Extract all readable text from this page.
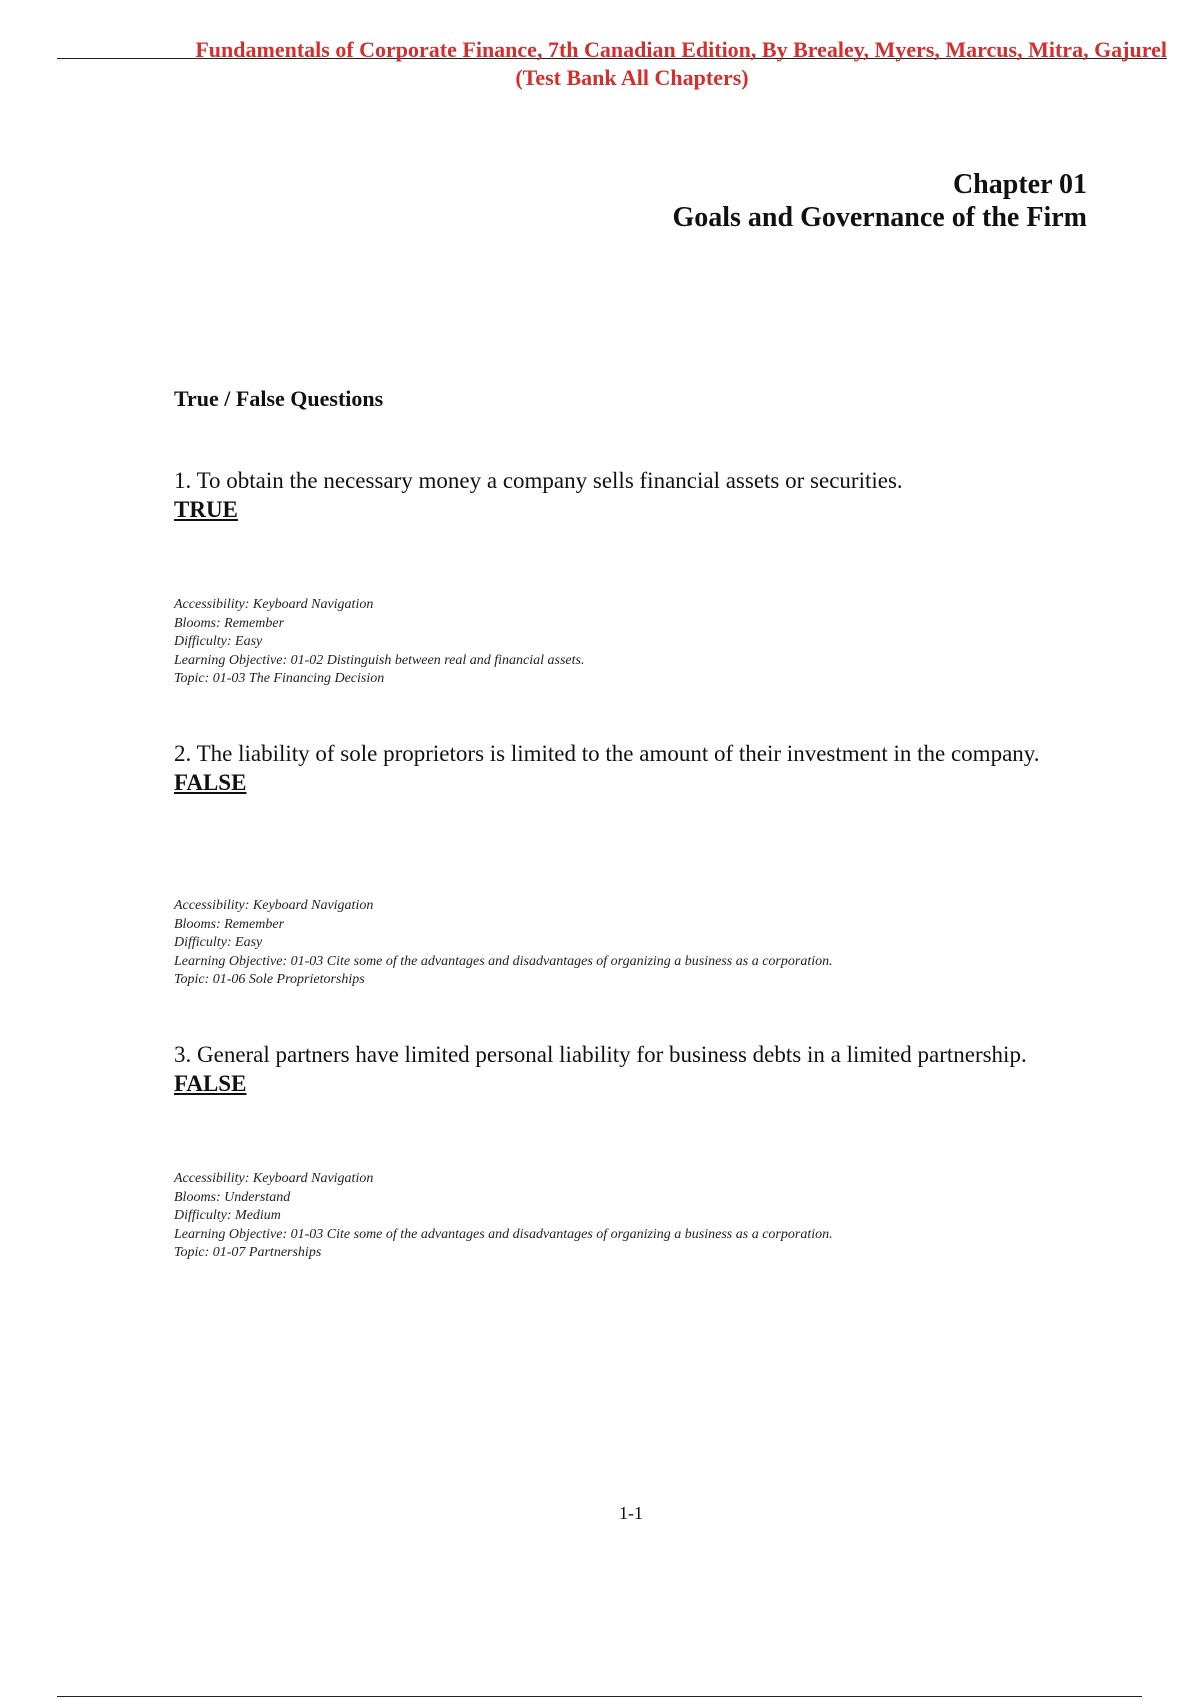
Fundamentals of Corporate Finance, 7th Canadian Edition, By Brealey, Myers, Marcus, Mitra, Gajurel
(Test Bank All Chapters)
Chapter 01
Goals and Governance of the Firm
True / False Questions

1. To obtain the necessary money a company sells financial assets or securities.

TRUE

Accessibility: Keyboard Navigation
Blooms: Remember
Difficulty: Easy
Learning Objective: 01-02 Distinguish between real and financial assets.
Topic: 01-03 The Financing Decision

2. The liability of sole proprietors is limited to the amount of their investment in the company.

FALSE

Accessibility: Keyboard Navigation
Blooms: Remember
Difficulty: Easy
Learning Objective: 01-03 Cite some of the advantages and disadvantages of organizing a business as a corporation.
Topic: 01-06 Sole Proprietorships

3. General partners have limited personal liability for business debts in a limited partnership.

FALSE

Accessibility: Keyboard Navigation
Blooms: Understand
Difficulty: Medium
Learning Objective: 01-03 Cite some of the advantages and disadvantages of organizing a business as a corporation.
Topic: 01-07 Partnerships
1-1
